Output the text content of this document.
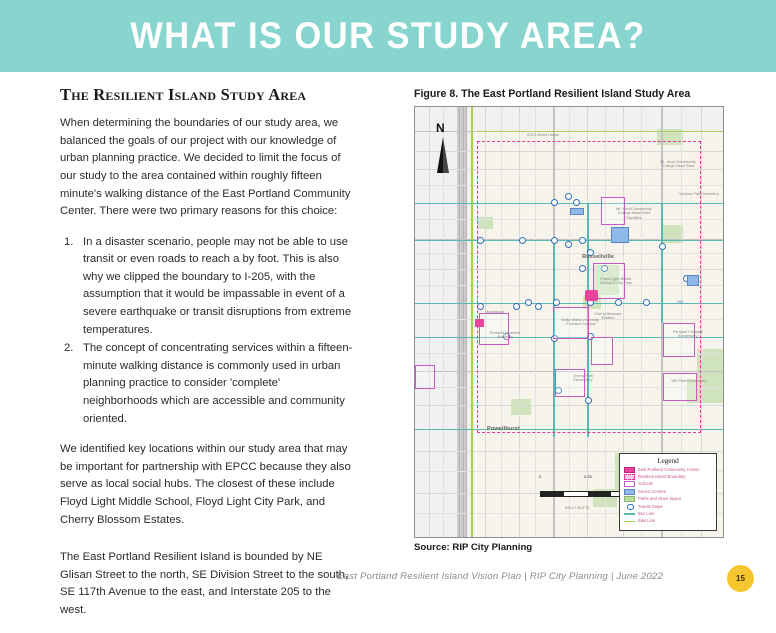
WHAT IS OUR STUDY AREA?
The Resilient Island Study Area

When determining the boundaries of our study area, we balanced the goals of our project with our knowledge of urban planning practice. We decided to limit the focus of our study to the area contained within roughly fifteen minute's walking distance of the East Portland Community Center. There were two primary reasons for this choice:

In a disaster scenario, people may not be able to use transit or even roads to reach a by foot. This is also why we clipped the boundary to I-205, with the assumption that it would be impassable in event of a severe earthquake or transit disruptions from extreme temperatures.
The concept of concentrating services within a fifteen-minute walking distance is commonly used in urban planning practice to consider 'complete' neighborhoods which are accessible and community oriented.

We identified key locations within our study area that may be important for partnership with EPCC because they also serve as local social hubs. The closest of these include Floyd Light Middle School, Floyd Light City Park, and Cherry Blossom Estates.

The East Portland Resilient Island is bounded by NE Glisan Street to the north, SE Division Street to the south, SE 117th Avenue to the east, and Interstate 205 to the west.

Figure 8. The East Portland Resilient Island Study Area
N	IRCO Africa House
Mt. Hood Community College Head Start Facilities
Mt. Hood Community College Head Start
Ventura Park Cemetery
Russellville
Floyd Light Middle School & City Park
Cherry Blossom Estates
Walla Walla University - Portland Campus
Portland Adventist Academy
Portland Christian Elementary
Cherry Park Elementary	Mill Park Elementary
Hazelwood
Powellhurst
KELLY BUTTE
205
0	0.25
Legend
East Portland Community Center
Resilient Island Boundary
Schools
Senior Centers
Parks and Open Space
Transit Stops
Bus Line
Bike Line
Source: RIP City Planning
East Portland Resilient Island Vision Plan | RIP City Planning | June 2022	15
